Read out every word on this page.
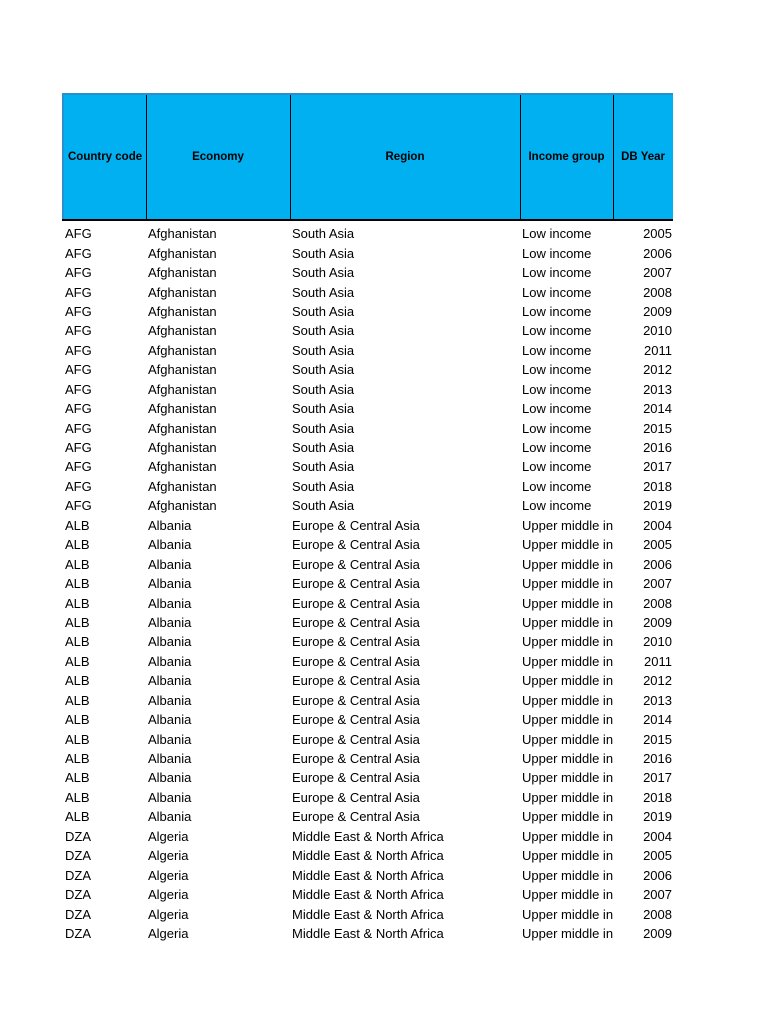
Country code	Economy	Region	Income group	DB Year
AFG	Afghanistan	South Asia	Low income	2005
AFG	Afghanistan	South Asia	Low income	2006
AFG	Afghanistan	South Asia	Low income	2007
AFG	Afghanistan	South Asia	Low income	2008
AFG	Afghanistan	South Asia	Low income	2009
AFG	Afghanistan	South Asia	Low income	2010
AFG	Afghanistan	South Asia	Low income	2011
AFG	Afghanistan	South Asia	Low income	2012
AFG	Afghanistan	South Asia	Low income	2013
AFG	Afghanistan	South Asia	Low income	2014
AFG	Afghanistan	South Asia	Low income	2015
AFG	Afghanistan	South Asia	Low income	2016
AFG	Afghanistan	South Asia	Low income	2017
AFG	Afghanistan	South Asia	Low income	2018
AFG	Afghanistan	South Asia	Low income	2019
ALB	Albania	Europe & Central Asia	Upper middle in	2004
ALB	Albania	Europe & Central Asia	Upper middle in	2005
ALB	Albania	Europe & Central Asia	Upper middle in	2006
ALB	Albania	Europe & Central Asia	Upper middle in	2007
ALB	Albania	Europe & Central Asia	Upper middle in	2008
ALB	Albania	Europe & Central Asia	Upper middle in	2009
ALB	Albania	Europe & Central Asia	Upper middle in	2010
ALB	Albania	Europe & Central Asia	Upper middle in	2011
ALB	Albania	Europe & Central Asia	Upper middle in	2012
ALB	Albania	Europe & Central Asia	Upper middle in	2013
ALB	Albania	Europe & Central Asia	Upper middle in	2014
ALB	Albania	Europe & Central Asia	Upper middle in	2015
ALB	Albania	Europe & Central Asia	Upper middle in	2016
ALB	Albania	Europe & Central Asia	Upper middle in	2017
ALB	Albania	Europe & Central Asia	Upper middle in	2018
ALB	Albania	Europe & Central Asia	Upper middle in	2019
DZA	Algeria	Middle East & North Africa	Upper middle in	2004
DZA	Algeria	Middle East & North Africa	Upper middle in	2005
DZA	Algeria	Middle East & North Africa	Upper middle in	2006
DZA	Algeria	Middle East & North Africa	Upper middle in	2007
DZA	Algeria	Middle East & North Africa	Upper middle in	2008
DZA	Algeria	Middle East & North Africa	Upper middle in	2009
